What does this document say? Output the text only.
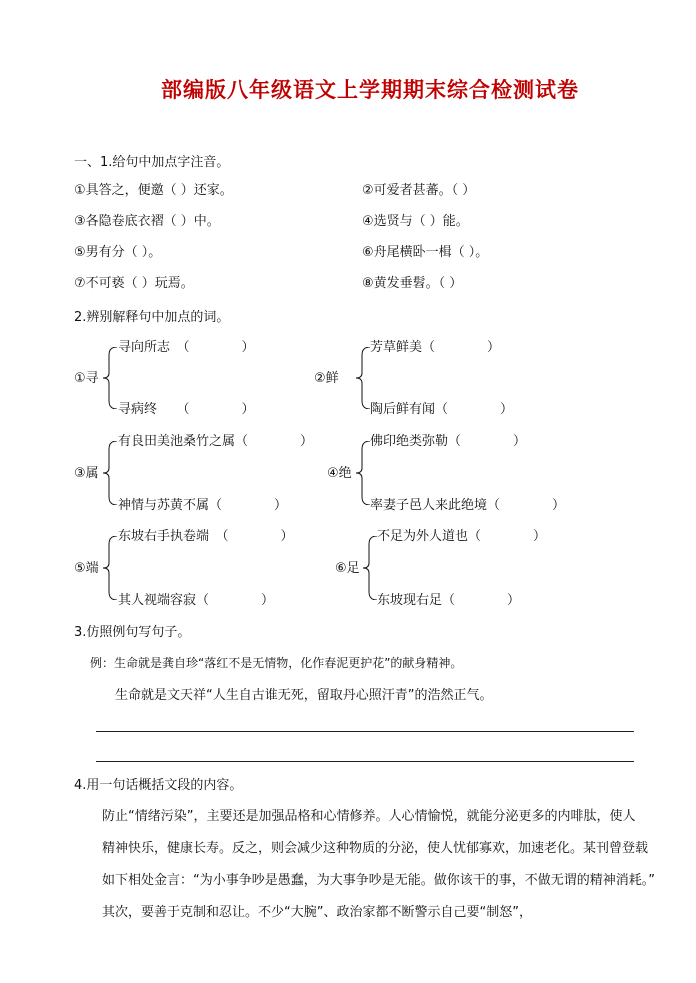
部编版八年级语文上学期期末综合检测试卷
一、1.给句中加点字注音。
①具答之，便邀（ ）还家。	②可爱者甚蕃。（ ）
③各隐卷底衣褶（ ）中。	④选贤与（ ）能。
⑤男有分（ ）。	⑥舟尾横卧一楫（ ）。
⑦不可亵（ ）玩焉。	⑧黄发垂髫。（ ）
2.辨别解释句中加点的词。
①寻
寻向所志　（　　　　）
寻病终　　（　　　　）
②鲜
芳草鲜美（　　　　）
陶后鲜有闻（　　　　）
③属
有良田美池桑竹之属（　　　　）
神情与苏黄不属（　　　　）
④绝
佛印绝类弥勒（　　　　）
率妻子邑人来此绝境（　　　　）
⑤端
东坡右手执卷端　（　　　　）
其人视端容寂（　　　　）
⑥足
不足为外人道也（　　　　）
东坡现右足（　　　　）
3.仿照例句写句子。
例：生命就是龚自珍“落红不是无情物，化作春泥更护花”的献身精神。
生命就是文天祥“人生自古谁无死，留取丹心照汗青”的浩然正气。
4.用一句话概括文段的内容。
防止“情绪污染”，主要还是加强品格和心情修养。人心情愉悦，就能分泌更多的内啡肽，使人
精神快乐，健康长寿。反之，则会减少这种物质的分泌，使人忧郁寡欢，加速老化。某刊曾登载
如下相处金言：“为小事争吵是愚蠢，为大事争吵是无能。做你该干的事，不做无谓的精神消耗。”
其次，要善于克制和忍让。不少“大腕”、政治家都不断警示自己要“制怒”，
